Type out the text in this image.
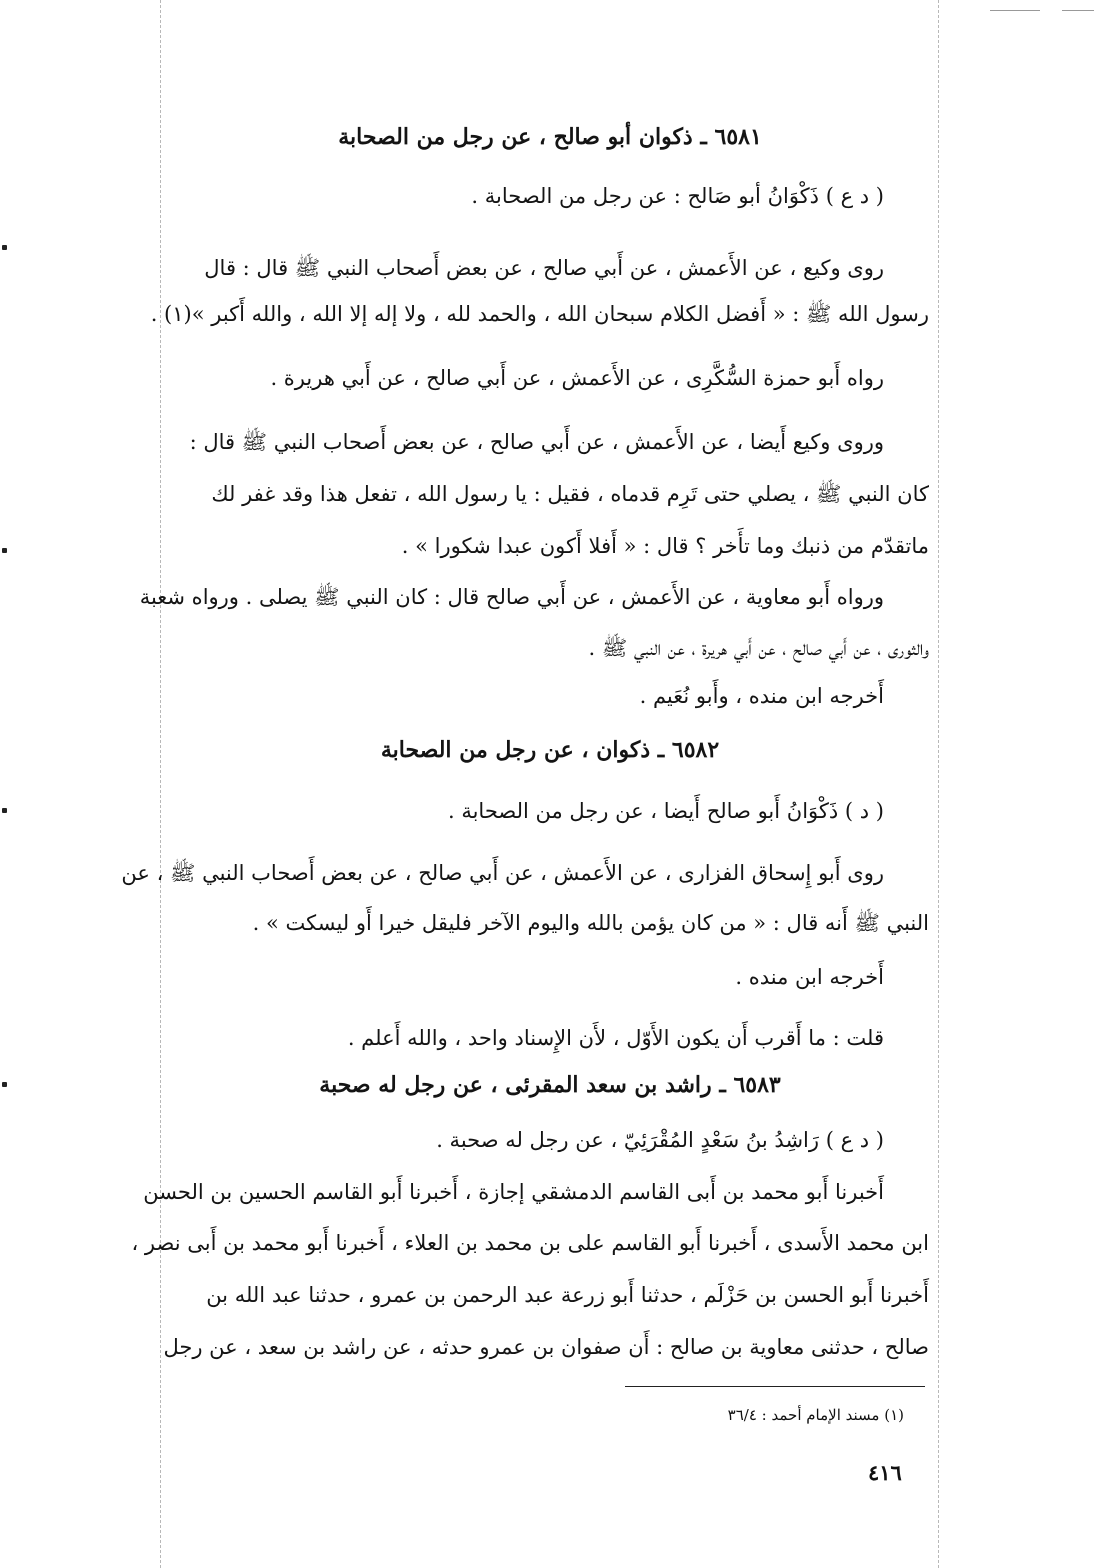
٦٥٨١ ـ ذكوان أبو صالح ، عن رجل من الصحابة
( د ع ) ذَكْوَانُ أبو صَالح : عن رجل من الصحابة .
روى وكيع ، عن الأَعمش ، عن أَبي صالح ، عن بعض أَصحاب النبي ﷺ قال : قال
رسول الله ﷺ : « أَفضل الكلام سبحان الله ، والحمد لله ، ولا إله إلا الله ، والله أَكبر »(١) .
رواه أَبو حمزة السُّكَّرِى ، عن الأَعمش ، عن أَبي صالح ، عن أَبي هريرة .
وروى وكيع أَيضا ، عن الأَعمش ، عن أَبي صالح ، عن بعض أَصحاب النبي ﷺ قال :
كان النبي ﷺ ، يصلي حتى تَرِم قدماه ، فقيل : يا رسول الله ، تفعل هذا وقد غفر لك
ماتقدّم من ذنبك وما تأَخر ؟ قال : « أَفلا أَكون عبدا شكورا » .
ورواه أَبو معاوية ، عن الأَعمش ، عن أَبي صالح قال : كان النبي ﷺ يصلى . ورواه شعبة
والثورى ، عن أَبي صالح ، عن أَبي هريرة ، عن النبي ﷺ .
أَخرجه ابن منده ، وأَبو نُعَيم .
٦٥٨٢ ـ ذكوان ، عن رجل من الصحابة
( د ) ذَكْوَانُ أَبو صالح أَيضا ، عن رجل من الصحابة .
روى أَبو إِسحاق الفزارى ، عن الأَعمش ، عن أَبي صالح ، عن بعض أَصحاب النبي ﷺ ، عن
النبي ﷺ أَنه قال : « من كان يؤمن بالله واليوم الآخر فليقل خيرا أَو ليسكت » .
أَخرجه ابن منده .
قلت : ما أَقرب أَن يكون الأَوّل ، لأَن الإِسناد واحد ، والله أَعلم .
٦٥٨٣ ـ راشد بن سعد المقرئى ، عن رجل له صحبة
( د ع ) رَاشِدُ بنُ سَعْدٍ المُقْرَئِيّ ، عن رجل له صحبة .
أَخبرنا أَبو محمد بن أَبى القاسم الدمشقي إجازة ، أَخبرنا أَبو القاسم الحسين بن الحسن
ابن محمد الأَسدى ، أَخبرنا أَبو القاسم على بن محمد بن العلاء ، أَخبرنا أَبو محمد بن أَبى نصر ،
أَخبرنا أَبو الحسن بن حَزْلَم ، حدثنا أَبو زرعة عبد الرحمن بن عمرو ، حدثنا عبد الله بن
صالح ، حدثنى معاوية بن صالح : أَن صفوان بن عمرو حدثه ، عن راشد بن سعد ، عن رجل
(١) مسند الإمام أحمد : ٣٦/٤
٤١٦
